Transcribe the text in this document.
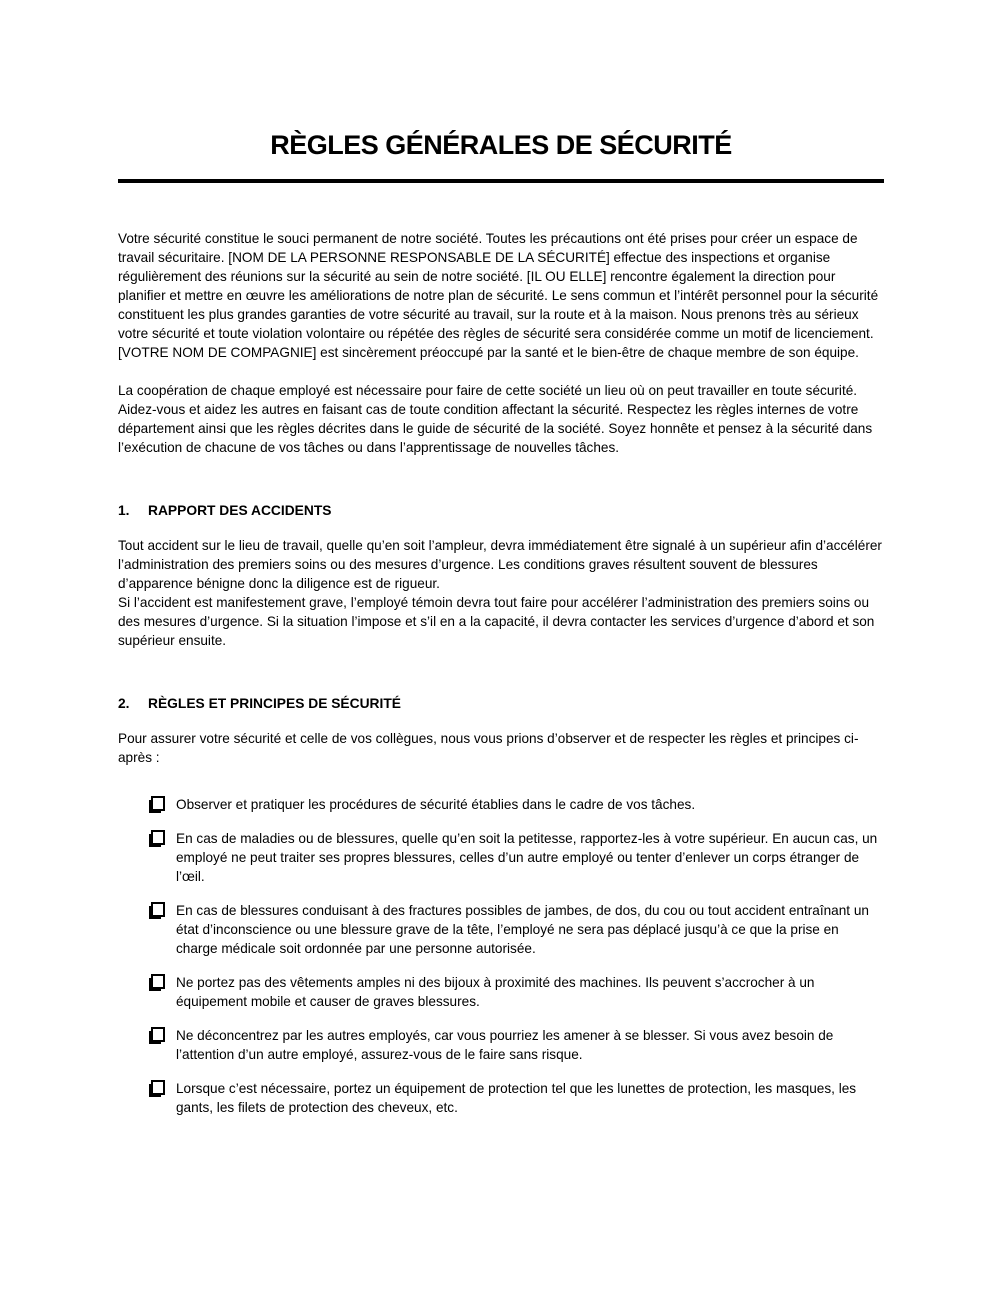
RÈGLES GÉNÉRALES DE SÉCURITÉ

Votre sécurité constitue le souci permanent de notre société. Toutes les précautions ont été prises pour créer un espace de travail sécuritaire. [NOM DE LA PERSONNE RESPONSABLE DE LA SÉCURITÉ] effectue des inspections et organise régulièrement des réunions sur la sécurité au sein de notre société. [IL OU ELLE] rencontre également la direction pour planifier et mettre en œuvre les améliorations de notre plan de sécurité. Le sens commun et l’intérêt personnel pour la sécurité constituent les plus grandes garanties de votre sécurité au travail, sur la route et à la maison. Nous prenons très au sérieux votre sécurité et toute violation volontaire ou répétée des règles de sécurité sera considérée comme un motif de licenciement. [VOTRE NOM DE COMPAGNIE] est sincèrement préoccupé par la santé et le bien-être de chaque membre de son équipe.

La coopération de chaque employé est nécessaire pour faire de cette société un lieu où on peut travailler en toute sécurité. Aidez-vous et aidez les autres en faisant cas de toute condition affectant la sécurité. Respectez les règles internes de votre département ainsi que les règles décrites dans le guide de sécurité de la société. Soyez honnête et pensez à la sécurité dans l’exécution de chacune de vos tâches ou dans l’apprentissage de nouvelles tâches.

1. RAPPORT DES ACCIDENTS

Tout accident sur le lieu de travail, quelle qu’en soit l’ampleur, devra immédiatement être signalé à un supérieur afin d’accélérer l’administration des premiers soins ou des mesures d’urgence. Les conditions graves résultent souvent de blessures d’apparence bénigne donc la diligence est de rigueur.

Si l’accident est manifestement grave, l’employé témoin devra tout faire pour accélérer l’administration des premiers soins ou des mesures d’urgence. Si la situation l’impose et s’il en a la capacité, il devra contacter les services d’urgence d’abord et son supérieur ensuite.

2. RÈGLES ET PRINCIPES DE SÉCURITÉ

Pour assurer votre sécurité et celle de vos collègues, nous vous prions d’observer et de respecter les règles et principes ci-après :

Observer et pratiquer les procédures de sécurité établies dans le cadre de vos tâches.
En cas de maladies ou de blessures, quelle qu’en soit la petitesse, rapportez-les à votre supérieur. En aucun cas, un employé ne peut traiter ses propres blessures, celles d’un autre employé ou tenter d’enlever un corps étranger de l’œil.
En cas de blessures conduisant à des fractures possibles de jambes, de dos, du cou ou tout accident entraînant un état d’inconscience ou une blessure grave de la tête, l’employé ne sera pas déplacé jusqu’à ce que la prise en charge médicale soit ordonnée par une personne autorisée.
Ne portez pas des vêtements amples ni des bijoux à proximité des machines. Ils peuvent s’accrocher à un équipement mobile et causer de graves blessures.
Ne déconcentrez par les autres employés, car vous pourriez les amener à se blesser. Si vous avez besoin de l’attention d’un autre employé, assurez-vous de le faire sans risque.
Lorsque c’est nécessaire, portez un équipement de protection tel que les lunettes de protection, les masques, les gants, les filets de protection des cheveux, etc.
